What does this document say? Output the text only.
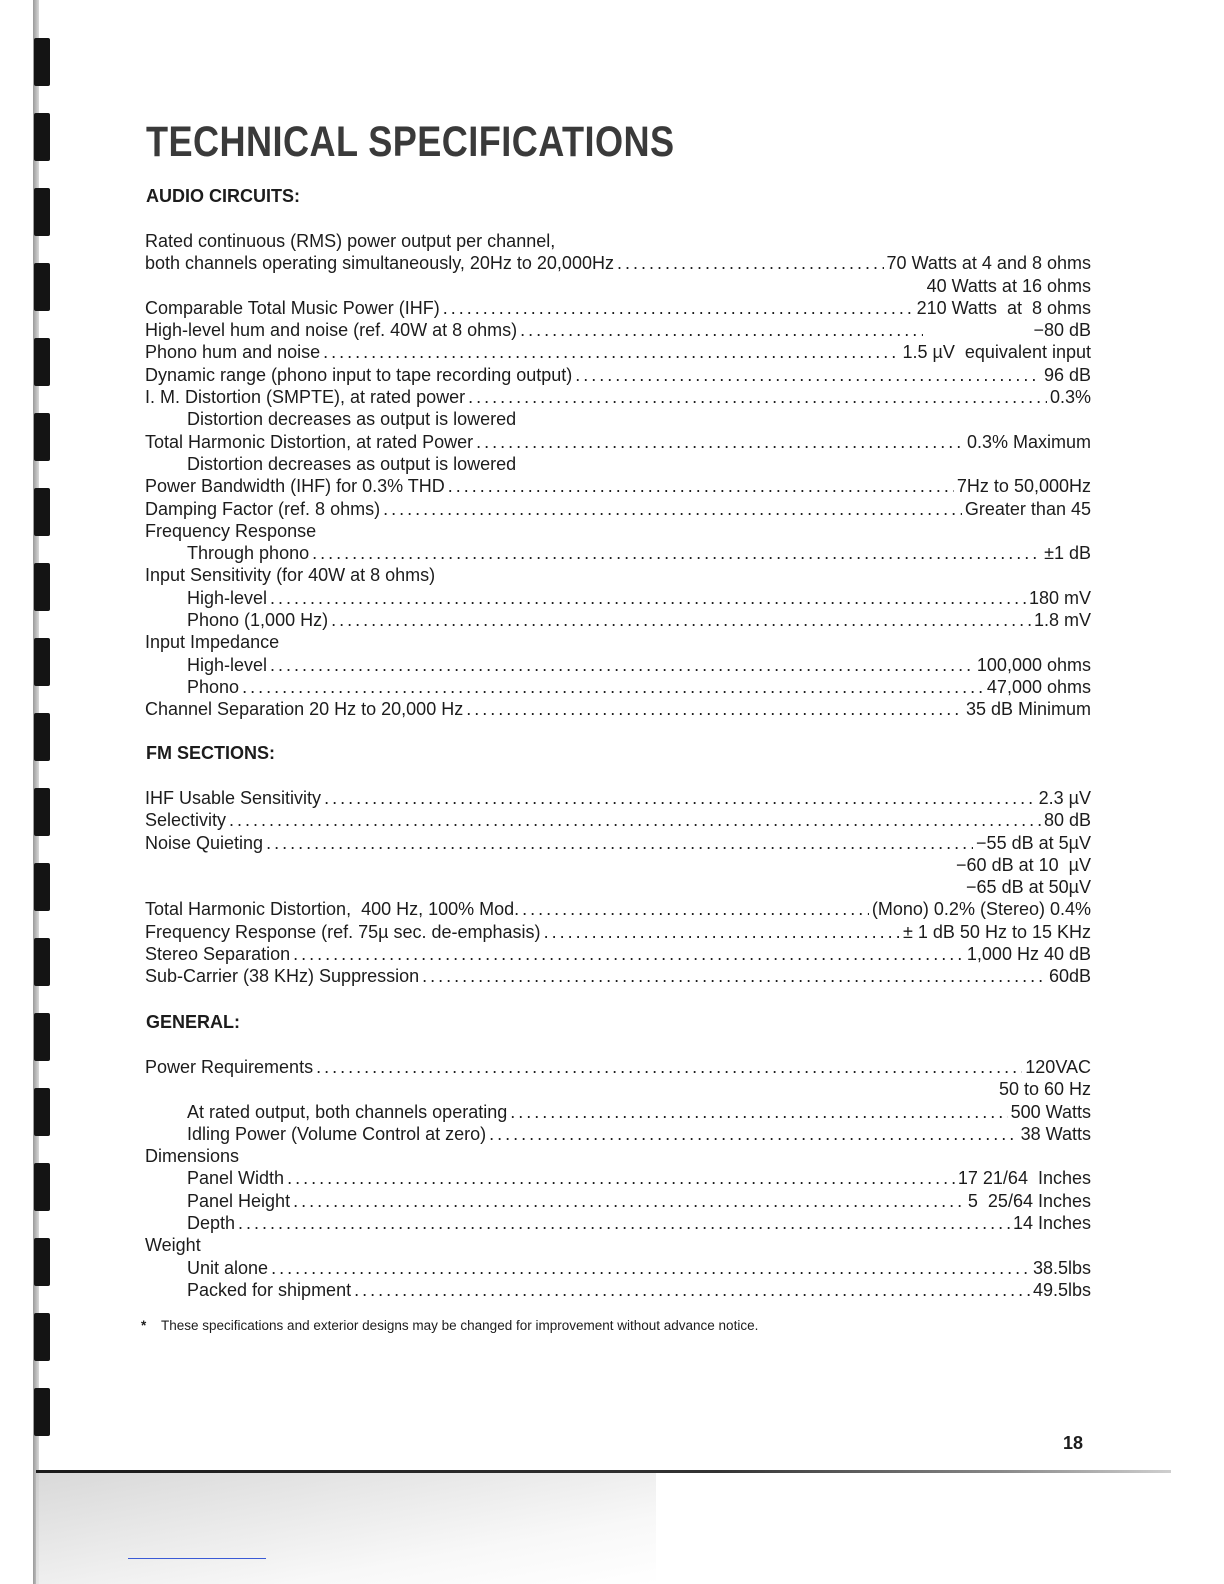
TECHNICAL SPECIFICATIONS
AUDIO CIRCUITS:
Rated continuous (RMS) power output per channel,
both channels operating simultaneously, 20Hz to 20,000Hz .....	70 Watts at 4 and 8 ohms
40 Watts at 16 ohms
Comparable Total Music Power (IHF) .....	210 Watts  at  8 ohms
High-level hum and noise (ref. 40W at 8 ohms) .....	−80 dB
Phono hum and noise .....	1.5 µV  equivalent input
Dynamic range (phono input to tape recording output) .....	96 dB
I. M. Distortion (SMPTE), at rated power .....	0.3%
Distortion decreases as output is lowered
Total Harmonic Distortion, at rated Power .....	0.3% Maximum
Distortion decreases as output is lowered
Power Bandwidth (IHF) for 0.3% THD .....	7Hz to 50,000Hz
Damping Factor (ref. 8 ohms) .....	Greater than 45
Frequency Response
Through phono .....	±1 dB
Input Sensitivity (for 40W at 8 ohms)
High-level .....	180 mV
Phono (1,000 Hz) .....	1.8 mV
Input Impedance
High-level .....	100,000 ohms
Phono .....	47,000 ohms
Channel Separation 20 Hz to 20,000 Hz .....	35 dB Minimum
FM SECTIONS:
IHF Usable Sensitivity .....	2.3 µV
Selectivity .....	80 dB
Noise Quieting .....	−55 dB at 5µV
−60 dB at 10  µV
−65 dB at 50µV
Total Harmonic Distortion,  400 Hz, 100% Mod. .....	(Mono) 0.2% (Stereo) 0.4%
Frequency Response (ref. 75µ sec. de-emphasis) .....	± 1 dB 50 Hz to 15 KHz
Stereo Separation .....	1,000 Hz 40 dB
Sub-Carrier (38 KHz) Suppression .....	60dB
GENERAL:
Power Requirements .....	120VAC
50 to 60 Hz
At rated output, both channels operating .....	500 Watts
Idling Power (Volume Control at zero) .....	38 Watts
Dimensions
Panel Width .....	17 21/64  Inches
Panel Height .....	5  25/64 Inches
Depth .....	14 Inches
Weight
Unit alone .....	38.5lbs
Packed for shipment .....	49.5lbs
* These specifications and exterior designs may be changed for improvement without advance notice.
18
